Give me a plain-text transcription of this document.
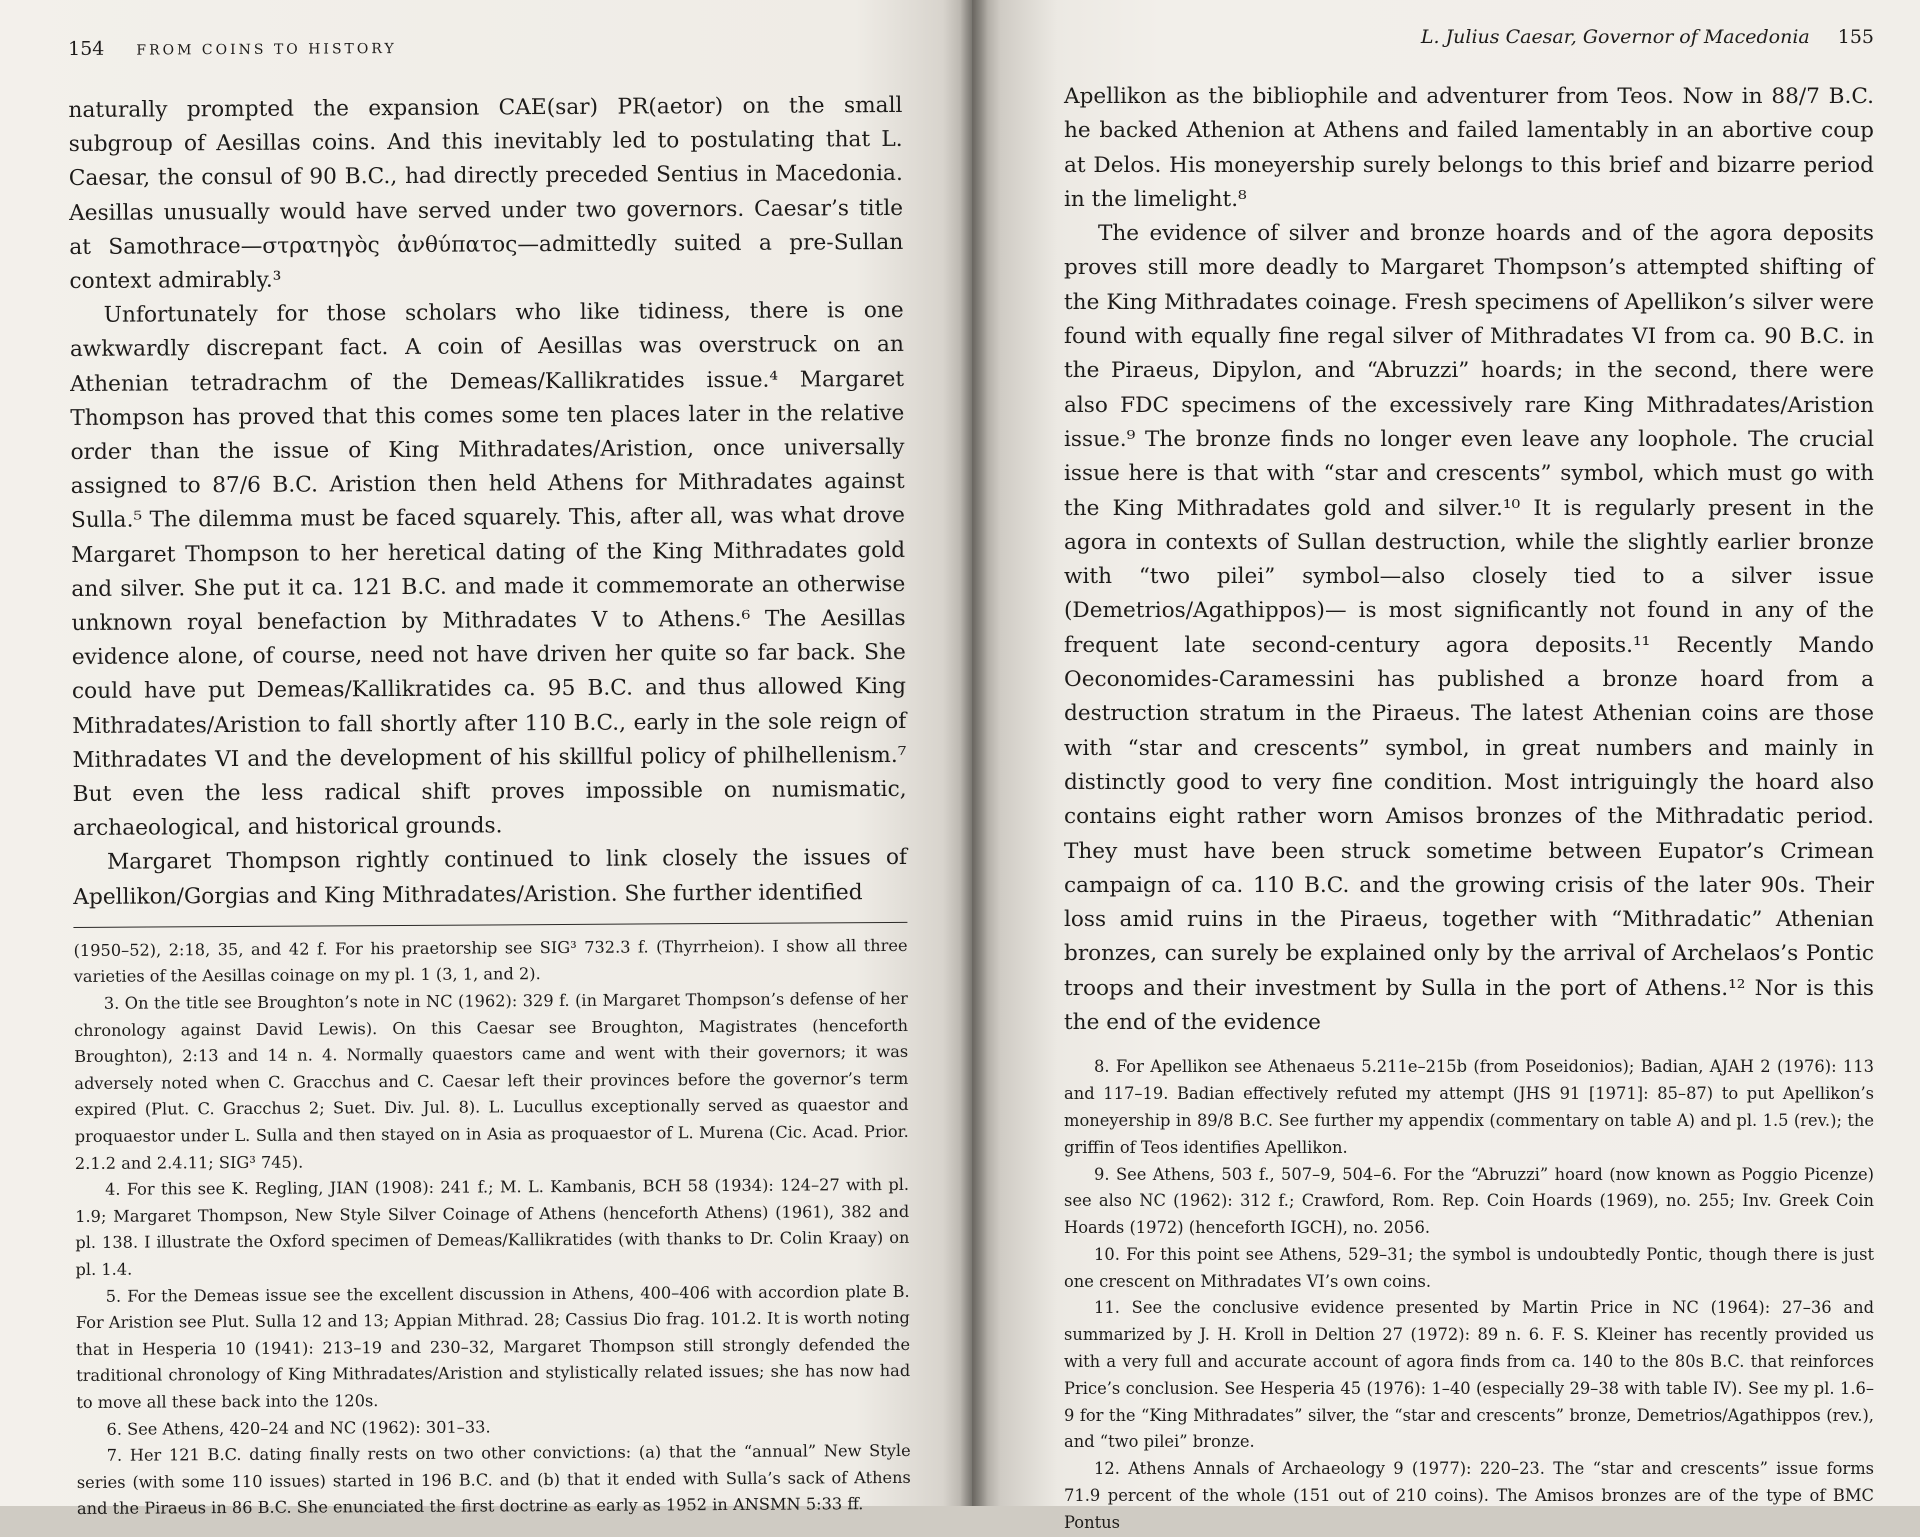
154 FROM COINS TO HISTORY

naturally prompted the expansion CAE(sar) PR(aetor) on the small subgroup of Aesillas coins. And this inevitably led to postulating that L. Caesar, the consul of 90 B.C., had directly preceded Sentius in Macedonia. Aesillas unusually would have served under two governors. Caesar’s title at Samothrace—στρατηγὸς ἀνθύπατος—admittedly suited a pre-Sullan context admirably.³

Unfortunately for those scholars who like tidiness, there is one awkwardly discrepant fact. A coin of Aesillas was overstruck on an Athenian tetradrachm of the Demeas/Kallikratides issue.⁴ Margaret Thompson has proved that this comes some ten places later in the relative order than the issue of King Mithradates/Aristion, once universally assigned to 87/6 B.C. Aristion then held Athens for Mithradates against Sulla.⁵ The dilemma must be faced squarely. This, after all, was what drove Margaret Thompson to her heretical dating of the King Mithradates gold and silver. She put it ca. 121 B.C. and made it commemorate an otherwise unknown royal benefaction by Mithradates V to Athens.⁶ The Aesillas evidence alone, of course, need not have driven her quite so far back. She could have put Demeas/Kallikratides ca. 95 B.C. and thus allowed King Mithradates/Aristion to fall shortly after 110 B.C., early in the sole reign of Mithradates VI and the development of his skillful policy of philhellenism.⁷ But even the less radical shift proves impossible on numismatic, archaeological, and historical grounds.

Margaret Thompson rightly continued to link closely the issues of Apellikon/Gorgias and King Mithradates/Aristion. She further identified

(1950–52), 2:18, 35, and 42 f. For his praetorship see SIG³ 732.3 f. (Thyrrheion). I show all three varieties of the Aesillas coinage on my pl. 1 (3, 1, and 2).

3. On the title see Broughton’s note in NC (1962): 329 f. (in Margaret Thompson’s defense of her chronology against David Lewis). On this Caesar see Broughton, Magistrates (henceforth Broughton), 2:13 and 14 n. 4. Normally quaestors came and went with their governors; it was adversely noted when C. Gracchus and C. Caesar left their provinces before the governor’s term expired (Plut. C. Gracchus 2; Suet. Div. Jul. 8). L. Lucullus exceptionally served as quaestor and proquaestor under L. Sulla and then stayed on in Asia as proquaestor of L. Murena (Cic. Acad. Prior. 2.1.2 and 2.4.11; SIG³ 745).

4. For this see K. Regling, JIAN (1908): 241 f.; M. L. Kambanis, BCH 58 (1934): 124–27 with pl. 1.9; Margaret Thompson, New Style Silver Coinage of Athens (henceforth Athens) (1961), 382 and pl. 138. I illustrate the Oxford specimen of Demeas/Kallikratides (with thanks to Dr. Colin Kraay) on pl. 1.4.

5. For the Demeas issue see the excellent discussion in Athens, 400–406 with accordion plate B. For Aristion see Plut. Sulla 12 and 13; Appian Mithrad. 28; Cassius Dio frag. 101.2. It is worth noting that in Hesperia 10 (1941): 213–19 and 230–32, Margaret Thompson still strongly defended the traditional chronology of King Mithradates/Aristion and stylistically related issues; she has now had to move all these back into the 120s.

6. See Athens, 420–24 and NC (1962): 301–33.

7. Her 121 B.C. dating finally rests on two other convictions: (a) that the “annual” New Style series (with some 110 issues) started in 196 B.C. and (b) that it ended with Sulla’s sack of Athens and the Piraeus in 86 B.C. She enunciated the first doctrine as early as 1952 in ANSMN 5:33 ff.

L. Julius Caesar, Governor of Macedonia 155

Apellikon as the bibliophile and adventurer from Teos. Now in 88/7 B.C. he backed Athenion at Athens and failed lamentably in an abortive coup at Delos. His moneyership surely belongs to this brief and bizarre period in the limelight.⁸

The evidence of silver and bronze hoards and of the agora deposits proves still more deadly to Margaret Thompson’s attempted shifting of the King Mithradates coinage. Fresh specimens of Apellikon’s silver were found with equally fine regal silver of Mithradates VI from ca. 90 B.C. in the Piraeus, Dipylon, and “Abruzzi” hoards; in the second, there were also FDC specimens of the excessively rare King Mithradates/Aristion issue.⁹ The bronze finds no longer even leave any loophole. The crucial issue here is that with “star and crescents” symbol, which must go with the King Mithradates gold and silver.¹⁰ It is regularly present in the agora in contexts of Sullan destruction, while the slightly earlier bronze with “two pilei” symbol—also closely tied to a silver issue (Demetrios/Agathippos)— is most significantly not found in any of the frequent late second-century agora deposits.¹¹ Recently Mando Oeconomides-Caramessini has published a bronze hoard from a destruction stratum in the Piraeus. The latest Athenian coins are those with “star and crescents” symbol, in great numbers and mainly in distinctly good to very fine condition. Most intriguingly the hoard also contains eight rather worn Amisos bronzes of the Mithradatic period. They must have been struck sometime between Eupator’s Crimean campaign of ca. 110 B.C. and the growing crisis of the later 90s. Their loss amid ruins in the Piraeus, together with “Mithradatic” Athenian bronzes, can surely be explained only by the arrival of Archelaos’s Pontic troops and their investment by Sulla in the port of Athens.¹² Nor is this the end of the evidence

8. For Apellikon see Athenaeus 5.211e–215b (from Poseidonios); Badian, AJAH 2 (1976): 113 and 117–19. Badian effectively refuted my attempt (JHS 91 [1971]: 85–87) to put Apellikon’s moneyership in 89/8 B.C. See further my appendix (commentary on table A) and pl. 1.5 (rev.); the griffin of Teos identifies Apellikon.

9. See Athens, 503 f., 507–9, 504–6. For the “Abruzzi” hoard (now known as Poggio Picenze) see also NC (1962): 312 f.; Crawford, Rom. Rep. Coin Hoards (1969), no. 255; Inv. Greek Coin Hoards (1972) (henceforth IGCH), no. 2056.

10. For this point see Athens, 529–31; the symbol is undoubtedly Pontic, though there is just one crescent on Mithradates VI’s own coins.

11. See the conclusive evidence presented by Martin Price in NC (1964): 27–36 and summarized by J. H. Kroll in Deltion 27 (1972): 89 n. 6. F. S. Kleiner has recently provided us with a very full and accurate account of agora finds from ca. 140 to the 80s B.C. that reinforces Price’s conclusion. See Hesperia 45 (1976): 1–40 (especially 29–38 with table IV). See my pl. 1.6–9 for the “King Mithradates” silver, the “star and crescents” bronze, Demetrios/Agathippos (rev.), and “two pilei” bronze.

12. Athens Annals of Archaeology 9 (1977): 220–23. The “star and crescents” issue forms 71.9 percent of the whole (151 out of 210 coins). The Amisos bronzes are of the type of BMC Pontus
